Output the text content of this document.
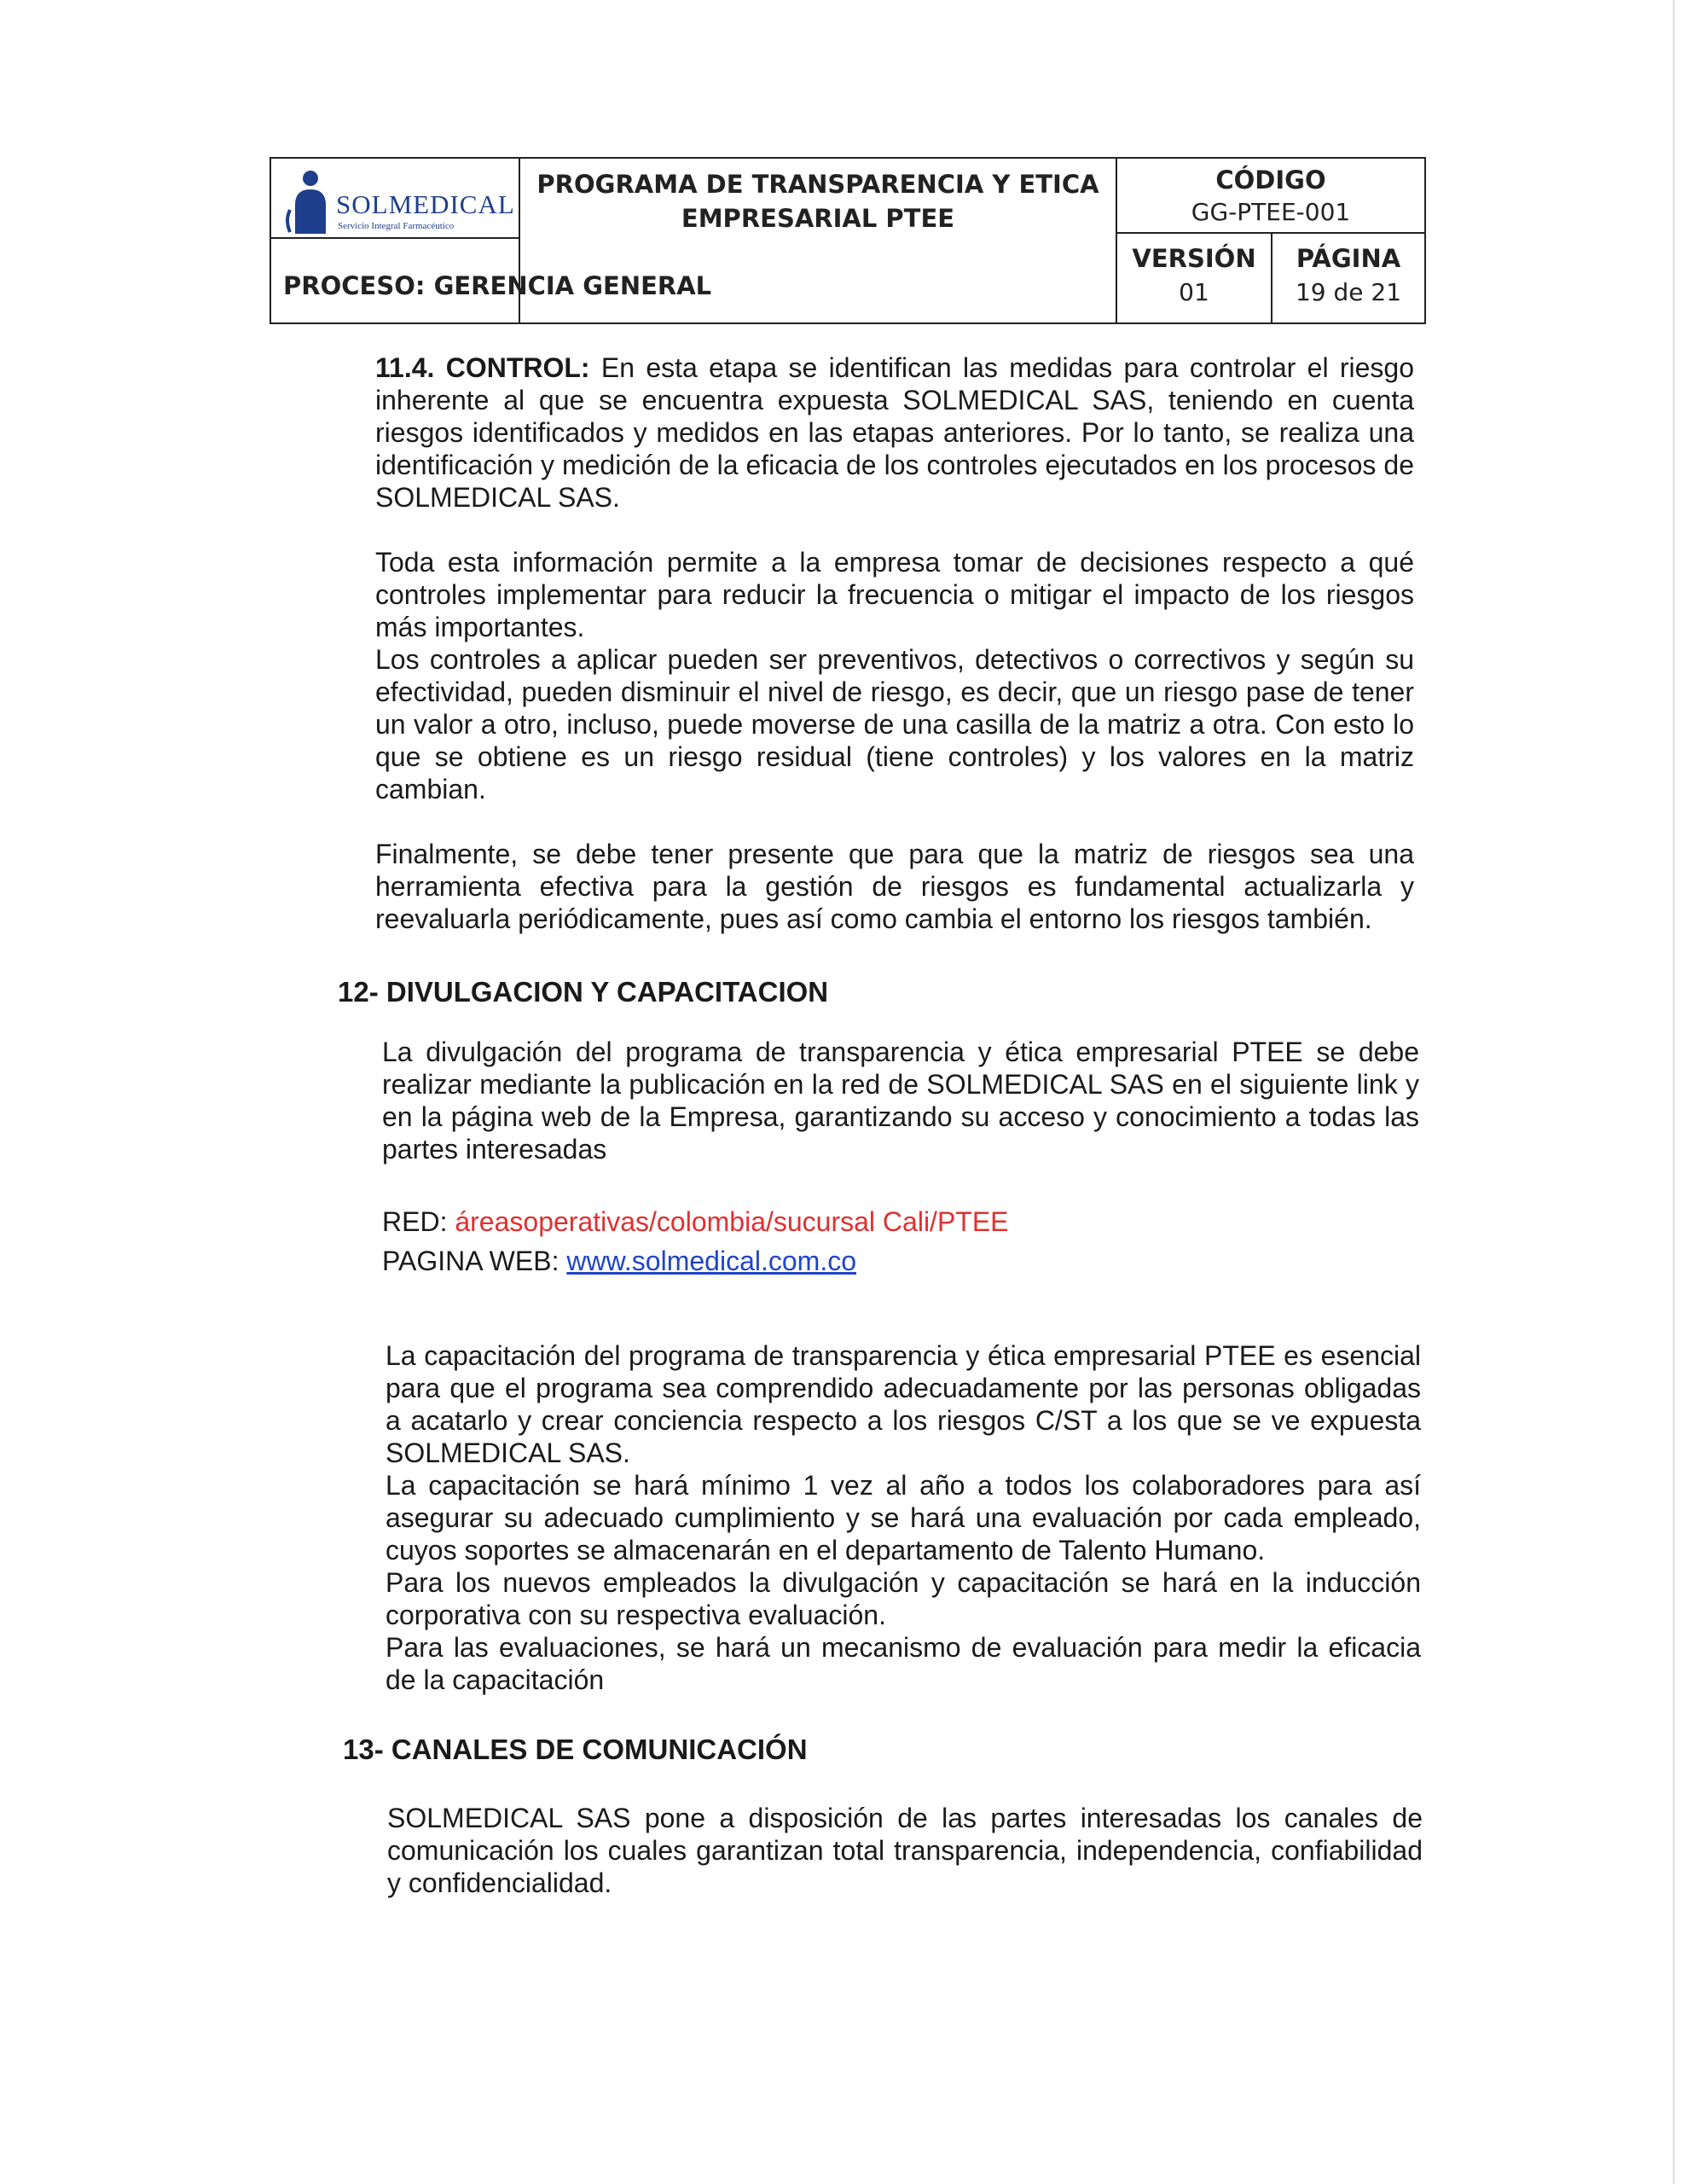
SOLMEDICAL
Servicio Integral Farmacéutico
PROGRAMA DE TRANSPARENCIA Y ETICA
EMPRESARIAL PTEE
CÓDIGO
GG-PTEE-001
VERSIÓN
01
PÁGINA
19 de 21
PROCESO: GERENCIA GENERAL

11.4. CONTROL: En esta etapa se identifican las medidas para controlar el riesgo inherente al que se encuentra expuesta SOLMEDICAL SAS, teniendo en cuenta riesgos identificados y medidos en las etapas anteriores. Por lo tanto, se realiza una identificación y medición de la eficacia de los controles ejecutados en los procesos de SOLMEDICAL SAS.

Toda esta información permite a la empresa tomar de decisiones respecto a qué controles implementar para reducir la frecuencia o mitigar el impacto de los riesgos más importantes.

Los controles a aplicar pueden ser preventivos, detectivos o correctivos y según su efectividad, pueden disminuir el nivel de riesgo, es decir, que un riesgo pase de tener un valor a otro, incluso, puede moverse de una casilla de la matriz a otra. Con esto lo que se obtiene es un riesgo residual (tiene controles) y los valores en la matriz cambian.

Finalmente, se debe tener presente que para que la matriz de riesgos sea una herramienta efectiva para la gestión de riesgos es fundamental actualizarla y reevaluarla periódicamente, pues así como cambia el entorno los riesgos también.

12- DIVULGACION Y CAPACITACION
La divulgación del programa de transparencia y ética empresarial PTEE se debe realizar mediante la publicación en la red de SOLMEDICAL SAS en el siguiente link y en la página web de la Empresa, garantizando su acceso y conocimiento a todas las partes interesadas
RED: áreasoperativas/colombia/sucursal Cali/PTEE
PAGINA WEB: www.solmedical.com.co

La capacitación del programa de transparencia y ética empresarial PTEE es esencial para que el programa sea comprendido adecuadamente por las personas obligadas a acatarlo y crear conciencia respecto a los riesgos C/ST a los que se ve expuesta SOLMEDICAL SAS.

La capacitación se hará mínimo 1 vez al año a todos los colaboradores para así asegurar su adecuado cumplimiento y se hará una evaluación por cada empleado, cuyos soportes se almacenarán en el departamento de Talento Humano.

Para los nuevos empleados la divulgación y capacitación se hará en la inducción corporativa con su respectiva evaluación.

Para las evaluaciones, se hará un mecanismo de evaluación para medir la eficacia de la capacitación

13- CANALES DE COMUNICACIÓN
SOLMEDICAL SAS pone a disposición de las partes interesadas los canales de comunicación los cuales garantizan total transparencia, independencia, confiabilidad y confidencialidad.
